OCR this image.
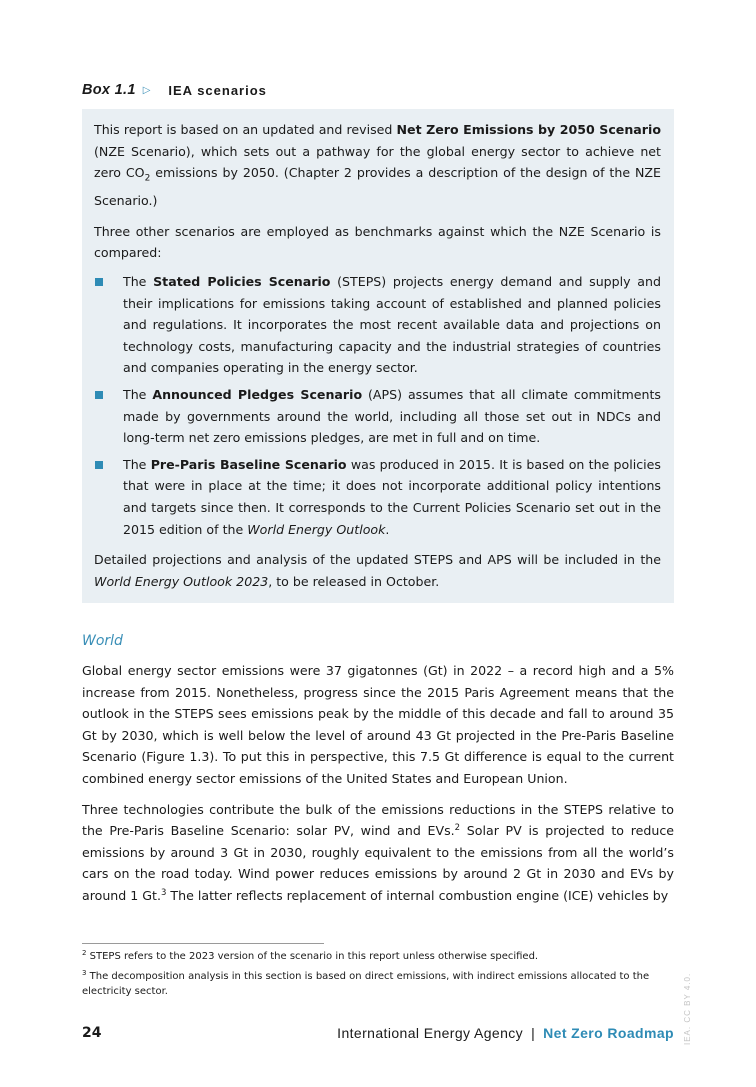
Box 1.1 ▷ IEA scenarios

This report is based on an updated and revised Net Zero Emissions by 2050 Scenario (NZE Scenario), which sets out a pathway for the global energy sector to achieve net zero $CO_2$ emissions by 2050. (Chapter 2 provides a description of the design of the NZE Scenario.)

Three other scenarios are employed as benchmarks against which the NZE Scenario is compared:

The Stated Policies Scenario (STEPS) projects energy demand and supply and their implications for emissions taking account of established and planned policies and regulations. It incorporates the most recent available data and projections on technology costs, manufacturing capacity and the industrial strategies of countries and companies operating in the energy sector.
The Announced Pledges Scenario (APS) assumes that all climate commitments made by governments around the world, including all those set out in NDCs and long-term net zero emissions pledges, are met in full and on time.
The Pre-Paris Baseline Scenario was produced in 2015. It is based on the policies that were in place at the time; it does not incorporate additional policy intentions and targets since then. It corresponds to the Current Policies Scenario set out in the 2015 edition of the World Energy Outlook.

Detailed projections and analysis of the updated STEPS and APS will be included in the World Energy Outlook 2023, to be released in October.

World

Global energy sector emissions were 37 gigatonnes (Gt) in 2022 – a record high and a 5% increase from 2015. Nonetheless, progress since the 2015 Paris Agreement means that the outlook in the STEPS sees emissions peak by the middle of this decade and fall to around 35 Gt by 2030, which is well below the level of around 43 Gt projected in the Pre-Paris Baseline Scenario (Figure 1.3). To put this in perspective, this 7.5 Gt difference is equal to the current combined energy sector emissions of the United States and European Union.

Three technologies contribute the bulk of the emissions reductions in the STEPS relative to the Pre-Paris Baseline Scenario: solar PV, wind and EVs.$^2$ Solar PV is projected to reduce emissions by around 3 Gt in 2030, roughly equivalent to the emissions from all the world’s cars on the road today. Wind power reduces emissions by around 2 Gt in 2030 and EVs by around 1 Gt.$^3$ The latter reflects replacement of internal combustion engine (ICE) vehicles by

$^2$ STEPS refers to the 2023 version of the scenario in this report unless otherwise specified.

$^3$ The decomposition analysis in this section is based on direct emissions, with indirect emissions allocated to the electricity sector.

24	International Energy Agency | Net Zero Roadmap IEA. CC BY 4.0.
